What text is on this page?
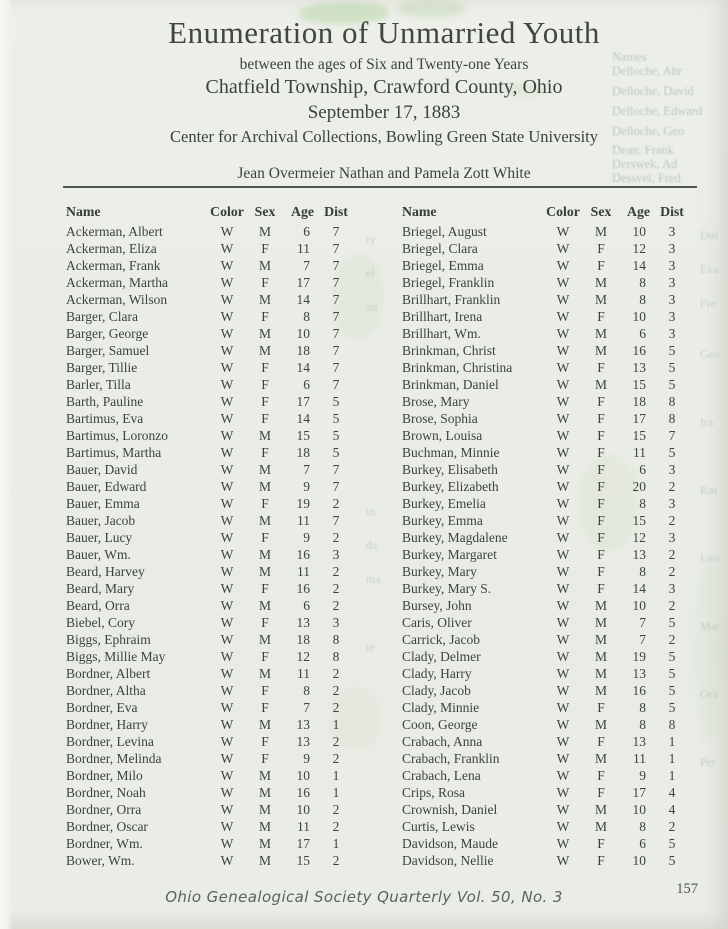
Names
Delloche, Abr
Delloche, David
Delloche, Edward
Delloche, Geo
Dean, Frank
Derswek, Ad
Dessvel, Fred
Dul
Eva
Fre
Geo
Ira
Kat
Lew
Mar
Ora
Pet
ry
el
an
in
da
ma
ie
Enumeration of Unmarried Youth
between the ages of Six and Twenty-one Years
Chatfield Township, Crawford County, Ohio
September 17, 1883
Center for Archival Collections, Bowling Green State University
Jean Overmeier Nathan and Pamela Zott White
Name	Color	Sex	Age	Dist
Ackerman, Albert	W	M	6	7
Ackerman, Eliza	W	F	11	7
Ackerman, Frank	W	M	7	7
Ackerman, Martha	W	F	17	7
Ackerman, Wilson	W	M	14	7
Barger, Clara	W	F	8	7
Barger, George	W	M	10	7
Barger, Samuel	W	M	18	7
Barger, Tillie	W	F	14	7
Barler, Tilla	W	F	6	7
Barth, Pauline	W	F	17	5
Bartimus, Eva	W	F	14	5
Bartimus, Loronzo	W	M	15	5
Bartimus, Martha	W	F	18	5
Bauer, David	W	M	7	7
Bauer, Edward	W	M	9	7
Bauer, Emma	W	F	19	2
Bauer, Jacob	W	M	11	7
Bauer, Lucy	W	F	9	2
Bauer, Wm.	W	M	16	3
Beard, Harvey	W	M	11	2
Beard, Mary	W	F	16	2
Beard, Orra	W	M	6	2
Biebel, Cory	W	F	13	3
Biggs, Ephraim	W	M	18	8
Biggs, Millie May	W	F	12	8
Bordner, Albert	W	M	11	2
Bordner, Altha	W	F	8	2
Bordner, Eva	W	F	7	2
Bordner, Harry	W	M	13	1
Bordner, Levina	W	F	13	2
Bordner, Melinda	W	F	9	2
Bordner, Milo	W	M	10	1
Bordner, Noah	W	M	16	1
Bordner, Orra	W	M	10	2
Bordner, Oscar	W	M	11	2
Bordner, Wm.	W	M	17	1
Bower, Wm.	W	M	15	2
Name	Color	Sex	Age	Dist
Briegel, August	W	M	10	3
Briegel, Clara	W	F	12	3
Briegel, Emma	W	F	14	3
Briegel, Franklin	W	M	8	3
Brillhart, Franklin	W	M	8	3
Brillhart, Irena	W	F	10	3
Brillhart, Wm.	W	M	6	3
Brinkman, Christ	W	M	16	5
Brinkman, Christina	W	F	13	5
Brinkman, Daniel	W	M	15	5
Brose, Mary	W	F	18	8
Brose, Sophia	W	F	17	8
Brown, Louisa	W	F	15	7
Buchman, Minnie	W	F	11	5
Burkey, Elisabeth	W	F	6	3
Burkey, Elizabeth	W	F	20	2
Burkey, Emelia	W	F	8	3
Burkey, Emma	W	F	15	2
Burkey, Magdalene	W	F	12	3
Burkey, Margaret	W	F	13	2
Burkey, Mary	W	F	8	2
Burkey, Mary S.	W	F	14	3
Bursey, John	W	M	10	2
Caris, Oliver	W	M	7	5
Carrick, Jacob	W	M	7	2
Clady, Delmer	W	M	19	5
Clady, Harry	W	M	13	5
Clady, Jacob	W	M	16	5
Clady, Minnie	W	F	8	5
Coon, George	W	M	8	8
Crabach, Anna	W	F	13	1
Crabach, Franklin	W	M	11	1
Crabach, Lena	W	F	9	1
Crips, Rosa	W	F	17	4
Crownish, Daniel	W	M	10	4
Curtis, Lewis	W	M	8	2
Davidson, Maude	W	F	6	5
Davidson, Nellie	W	F	10	5
Ohio Genealogical Society Quarterly Vol. 50, No. 3	157
